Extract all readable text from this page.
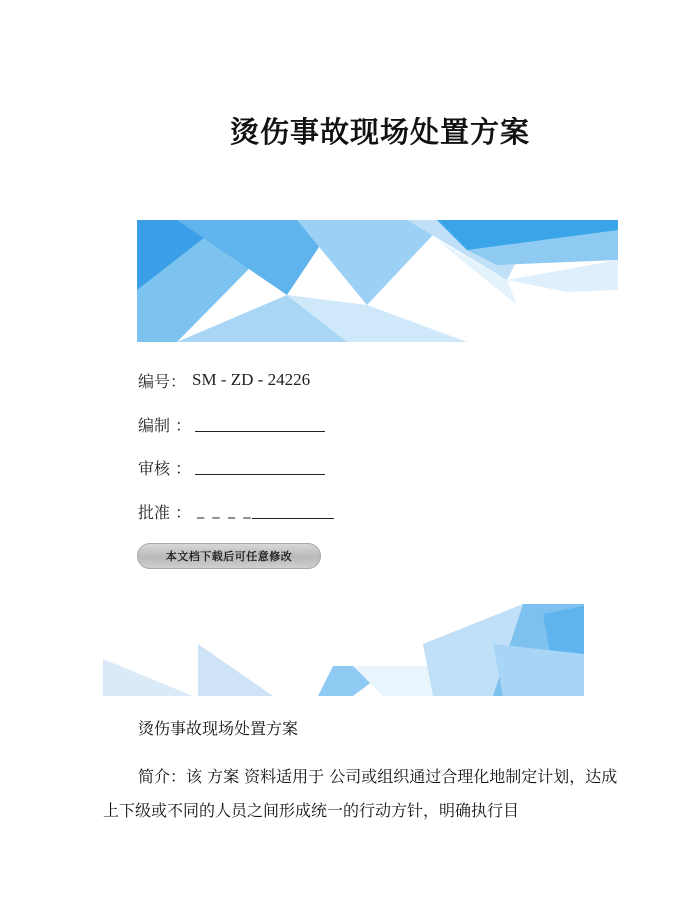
烫伤事故现场处置方案
编号： SM - ZD - 24226
编制 ：
审核 ：
批准 ： _ _ _ _
本文档下载后可任意修改
烫伤事故现场处置方案

简介：该 方案 资料适用于 公司或组织通过合理化地制定计划，达成上下级或不同的人员之间形成统一的行动方针，明确执行目
